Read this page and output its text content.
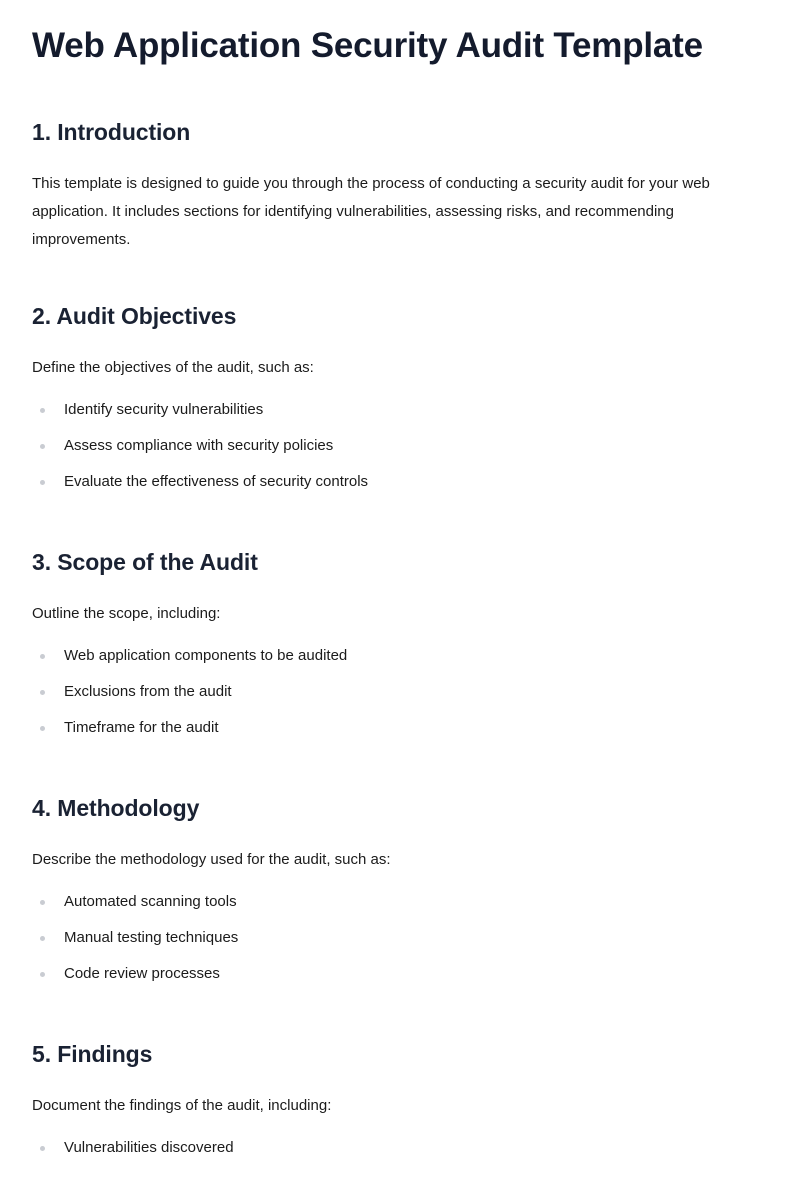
Web Application Security Audit Template
1. Introduction

This template is designed to guide you through the process of conducting a security audit for your web application. It includes sections for identifying vulnerabilities, assessing risks, and recommending improvements.

2. Audit Objectives

Define the objectives of the audit, such as:

Identify security vulnerabilities
Assess compliance with security policies
Evaluate the effectiveness of security controls
3. Scope of the Audit

Outline the scope, including:

Web application components to be audited
Exclusions from the audit
Timeframe for the audit
4. Methodology

Describe the methodology used for the audit, such as:

Automated scanning tools
Manual testing techniques
Code review processes
5. Findings

Document the findings of the audit, including:

Vulnerabilities discovered
